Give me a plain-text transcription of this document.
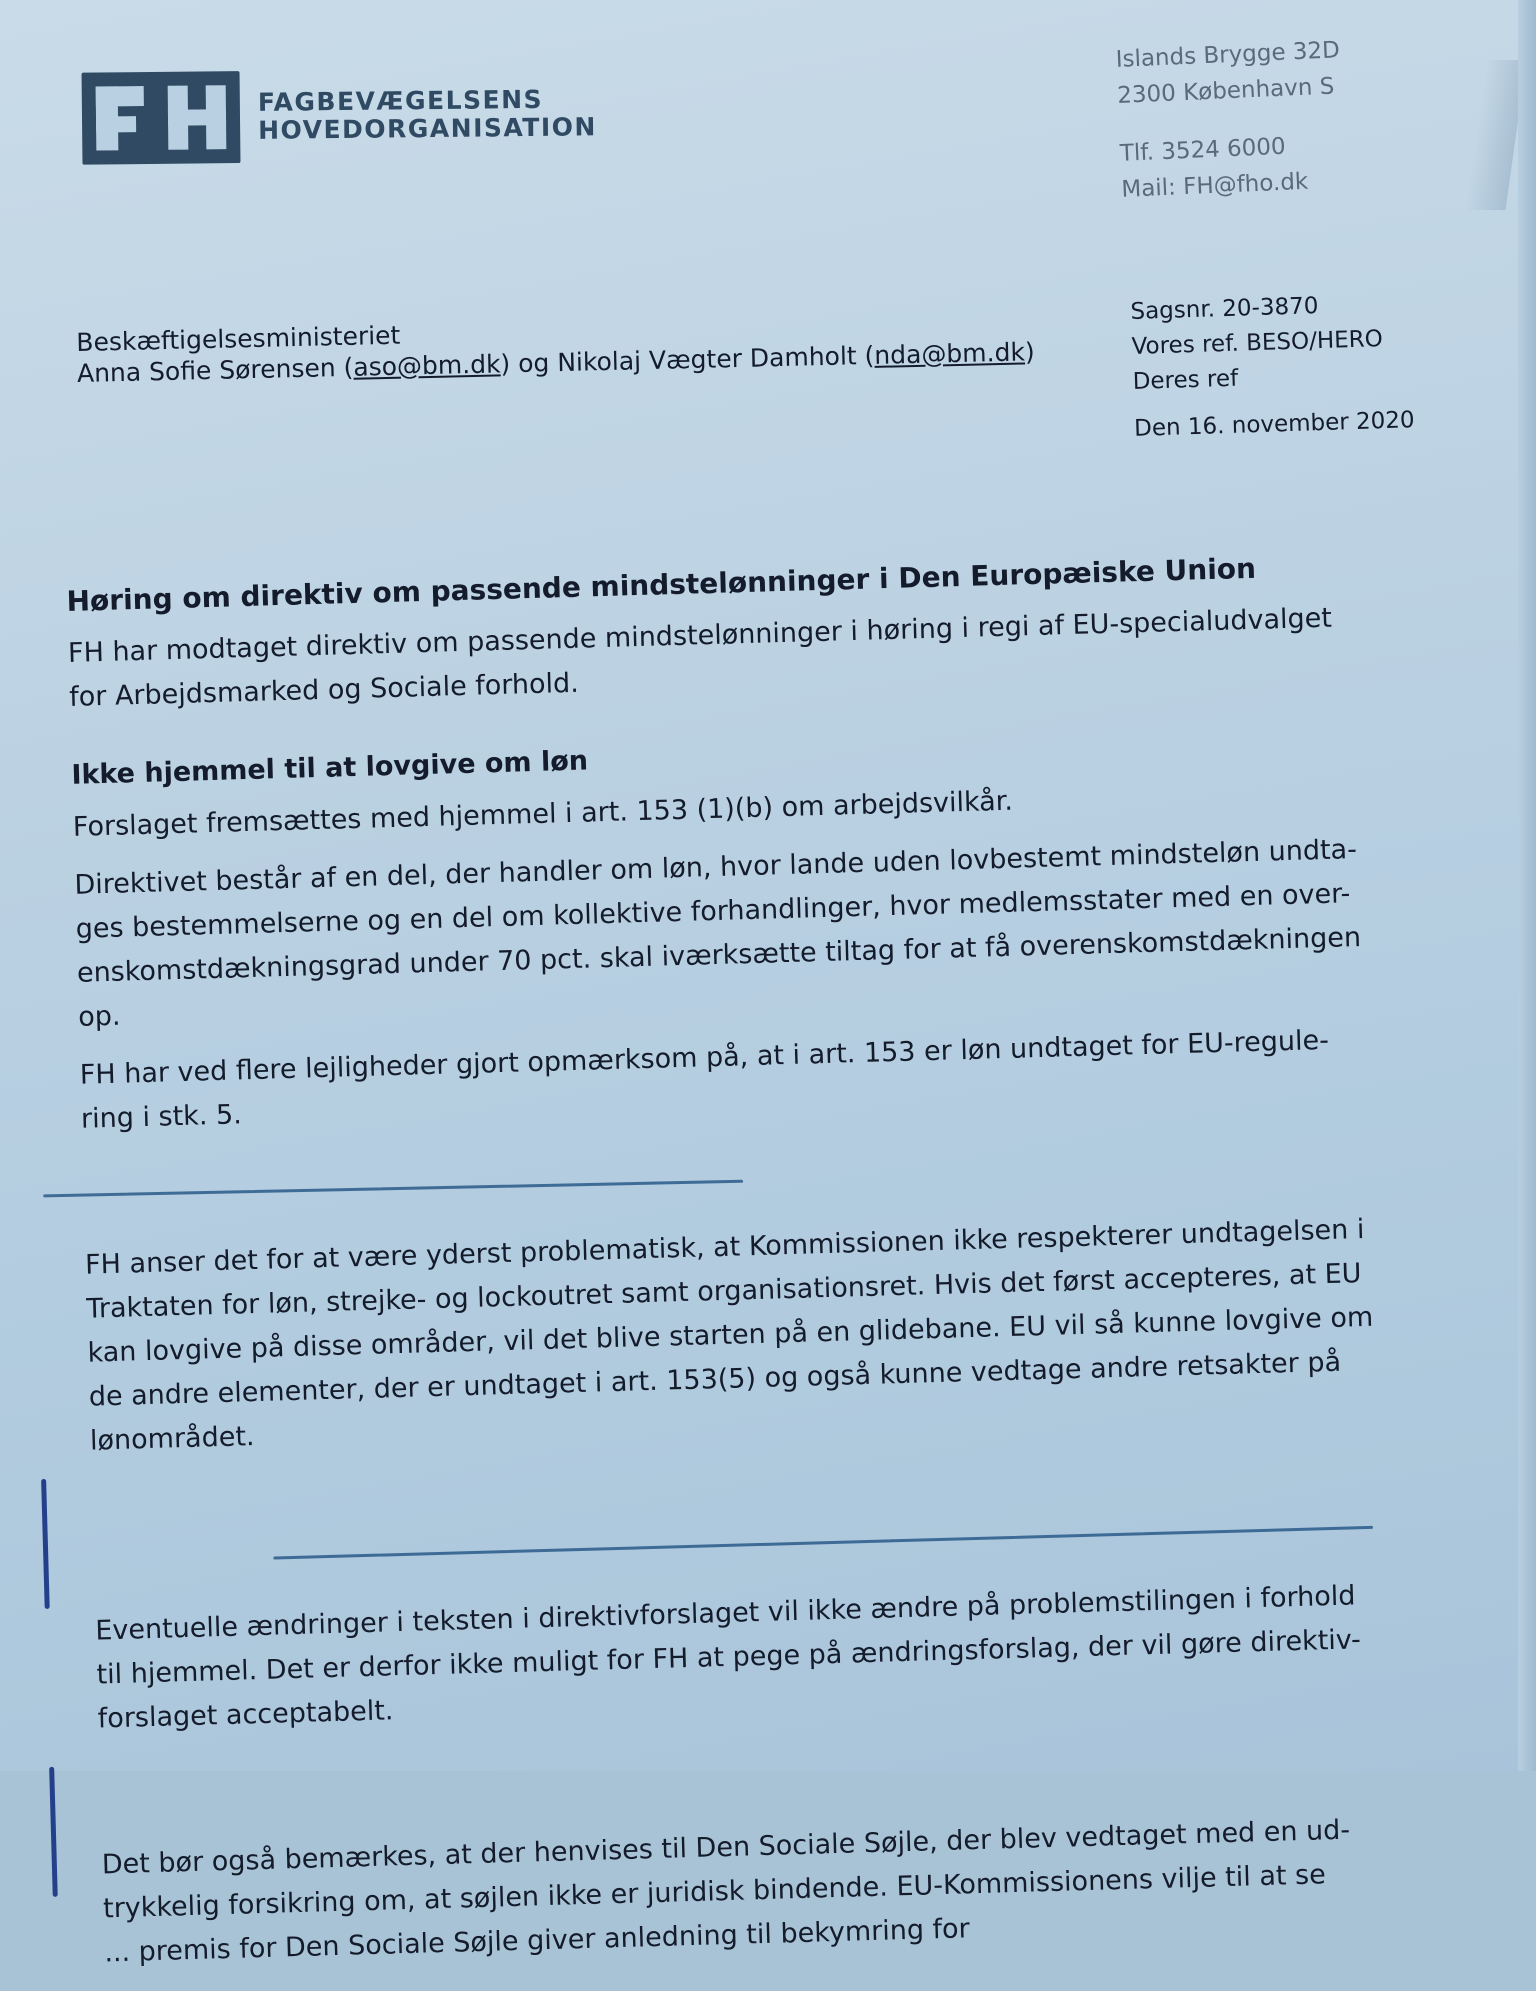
FAGBEVÆGELSENS
HOVEDORGANISATION
Islands Brygge 32D
2300 København S
Tlf. 3524 6000
Mail: FH@fho.dk
Beskæftigelsesministeriet
Anna Sofie Sørensen (aso@bm.dk) og Nikolaj Vægter Damholt (nda@bm.dk)
Sagsnr. 20-3870
Vores ref. BESO/HERO
Deres ref
Den 16. november 2020
Høring om direktiv om passende mindstelønninger i Den Europæiske Union
FH har modtaget direktiv om passende mindstelønninger i høring i regi af EU-specialudvalget
for Arbejdsmarked og Sociale forhold.
Ikke hjemmel til at lovgive om løn
Forslaget fremsættes med hjemmel i art. 153 (1)(b) om arbejdsvilkår.
Direktivet består af en del, der handler om løn, hvor lande uden lovbestemt mindsteløn undta-
ges bestemmelserne og en del om kollektive forhandlinger, hvor medlemsstater med en over-
enskomstdækningsgrad under 70 pct. skal iværksætte tiltag for at få overenskomstdækningen
op.
FH har ved flere lejligheder gjort opmærksom på, at i art. 153 er løn undtaget for EU-regule-
ring i stk. 5.

FH anser det for at være yderst problematisk, at Kommissionen ikke respekterer undtagelsen i
Traktaten for løn, strejke- og lockoutret samt organisationsret. Hvis det først accepteres, at EU
kan lovgive på disse områder, vil det blive starten på en glidebane. EU vil så kunne lovgive om
de andre elementer, der er undtaget i art. 153(5) og også kunne vedtage andre retsakter på
lønområdet.

Eventuelle ændringer i teksten i direktivforslaget vil ikke ændre på problemstilingen i forhold
til hjemmel. Det er derfor ikke muligt for FH at pege på ændringsforslag, der vil gøre direktiv-
forslaget acceptabelt.

Det bør også bemærkes, at der henvises til Den Sociale Søjle, der blev vedtaget med en ud-
trykkelig forsikring om, at søjlen ikke er juridisk bindende. EU-Kommissionens vilje til at se
... premis for Den Sociale Søjle giver anledning til bekymring for
